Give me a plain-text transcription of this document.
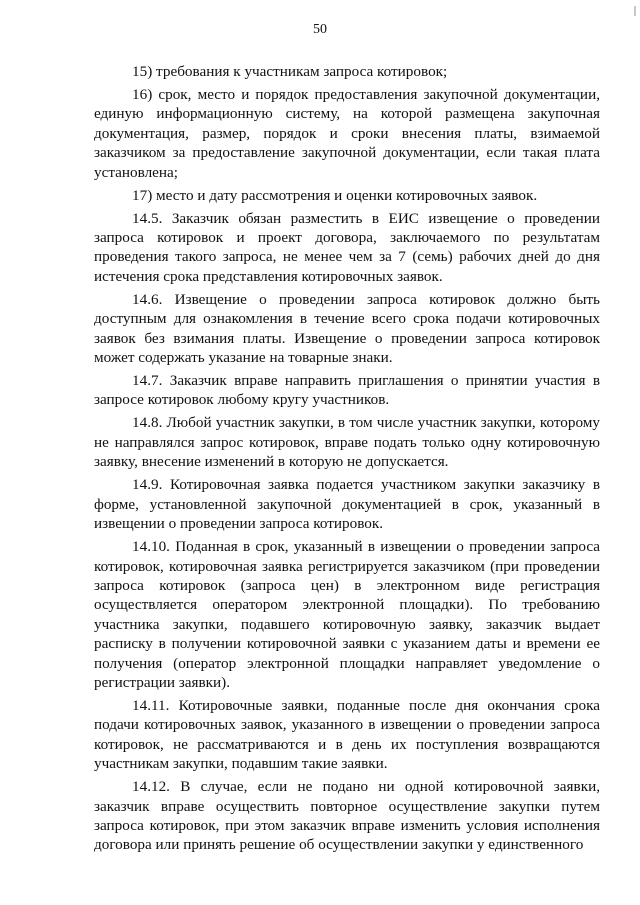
50

15) требования к участникам запроса котировок;

16) срок, место и порядок предоставления закупочной документации, единую информационную систему, на которой размещена закупочная документация, размер, порядок и сроки внесения платы, взимаемой заказчиком за предоставление закупочной документации, если такая плата установлена;

17) место и дату рассмотрения и оценки котировочных заявок.

14.5. Заказчик обязан разместить в ЕИС извещение о проведении запроса котировок и проект договора, заключаемого по результатам проведения такого запроса, не менее чем за 7 (семь) рабочих дней до дня истечения срока представления котировочных заявок.

14.6. Извещение о проведении запроса котировок должно быть доступным для ознакомления в течение всего срока подачи котировочных заявок без взимания платы. Извещение о проведении запроса котировок может содержать указание на товарные знаки.

14.7. Заказчик вправе направить приглашения о принятии участия в запросе котировок любому кругу участников.

14.8. Любой участник закупки, в том числе участник закупки, которому не направлялся запрос котировок, вправе подать только одну котировочную заявку, внесение изменений в которую не допускается.

14.9. Котировочная заявка подается участником закупки заказчику в форме, установленной закупочной документацией в срок, указанный в извещении о проведении запроса котировок.

14.10. Поданная в срок, указанный в извещении о проведении запроса котировок, котировочная заявка регистрируется заказчиком (при проведении запроса котировок (запроса цен) в электронном виде регистрация осуществляется оператором электронной площадки). По требованию участника закупки, подавшего котировочную заявку, заказчик выдает расписку в получении котировочной заявки с указанием даты и времени ее получения (оператор электронной площадки направляет уведомление о регистрации заявки).

14.11. Котировочные заявки, поданные после дня окончания срока подачи котировочных заявок, указанного в извещении о проведении запроса котировок, не рассматриваются и в день их поступления возвращаются участникам закупки, подавшим такие заявки.

14.12. В случае, если не подано ни одной котировочной заявки, заказчик вправе осуществить повторное осуществление закупки путем запроса котировок, при этом заказчик вправе изменить условия исполнения договора или принять решение об осуществлении закупки у единственного
